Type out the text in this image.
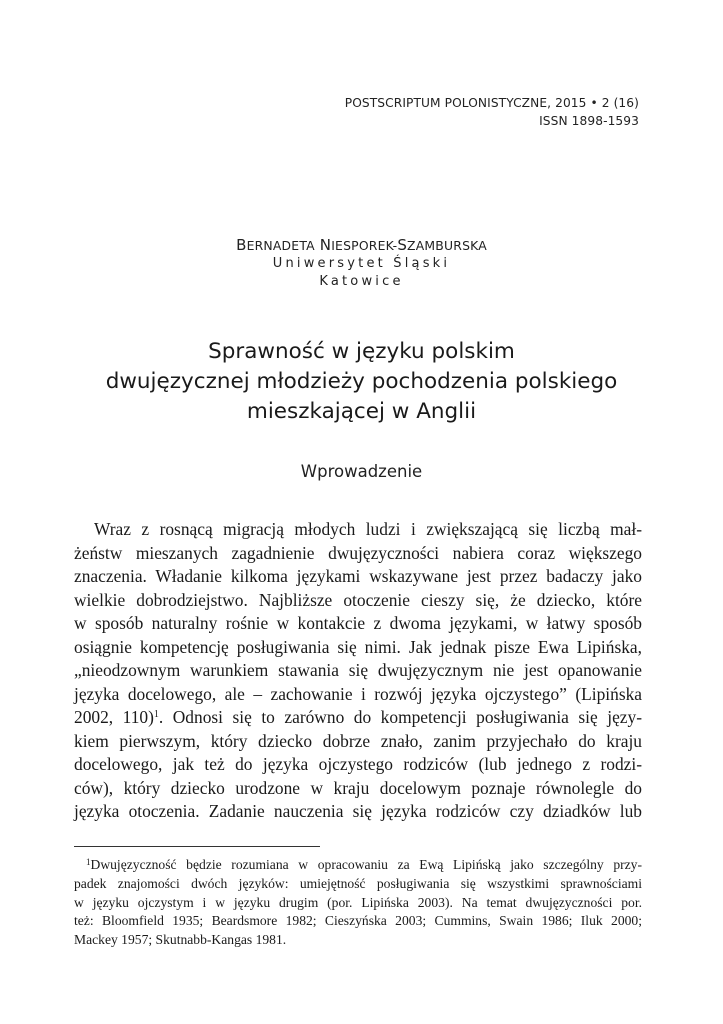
POSTSCRIPTUM POLONISTYCZNE, 2015 • 2 (16)
ISSN 1898-1593
BERNADETA NIESPOREK-SZAMBURSKA
Uniwersytet Śląski
Katowice
Sprawność w języku polskim
dwujęzycznej młodzieży pochodzenia polskiego
mieszkającej w Anglii
Wprowadzenie
Wraz z rosnącą migracją młodych ludzi i zwiększającą się liczbą mał-
żeństw mieszanych zagadnienie dwujęzyczności nabiera coraz większego
znaczenia. Władanie kilkoma językami wskazywane jest przez badaczy jako
wielkie dobrodziejstwo. Najbliższe otoczenie cieszy się, że dziecko, które
w sposób naturalny rośnie w kontakcie z dwoma językami, w łatwy sposób
osiągnie kompetencję posługiwania się nimi. Jak jednak pisze Ewa Lipińska,
„nieodzownym warunkiem stawania się dwujęzycznym nie jest opanowanie
języka docelowego, ale – zachowanie i rozwój języka ojczystego” (Lipińska
2002, 110)$^1$. Odnosi się to zarówno do kompetencji posługiwania się języ-
kiem pierwszym, który dziecko dobrze znało, zanim przyjechało do kraju
docelowego, jak też do języka ojczystego rodziców (lub jednego z rodzi-
ców), który dziecko urodzone w kraju docelowym poznaje równolegle do
języka otoczenia. Zadanie nauczenia się języka rodziców czy dziadków lub
$^1$Dwujęzyczność będzie rozumiana w opracowaniu za Ewą Lipińską jako szczególny przy-
padek znajomości dwóch języków: umiejętność posługiwania się wszystkimi sprawnościami
w języku ojczystym i w języku drugim (por. Lipińska 2003). Na temat dwujęzyczności por.
też: Bloomfield 1935; Beardsmore 1982; Cieszyńska 2003; Cummins, Swain 1986; Iluk 2000;
Mackey 1957; Skutnabb-Kangas 1981.
